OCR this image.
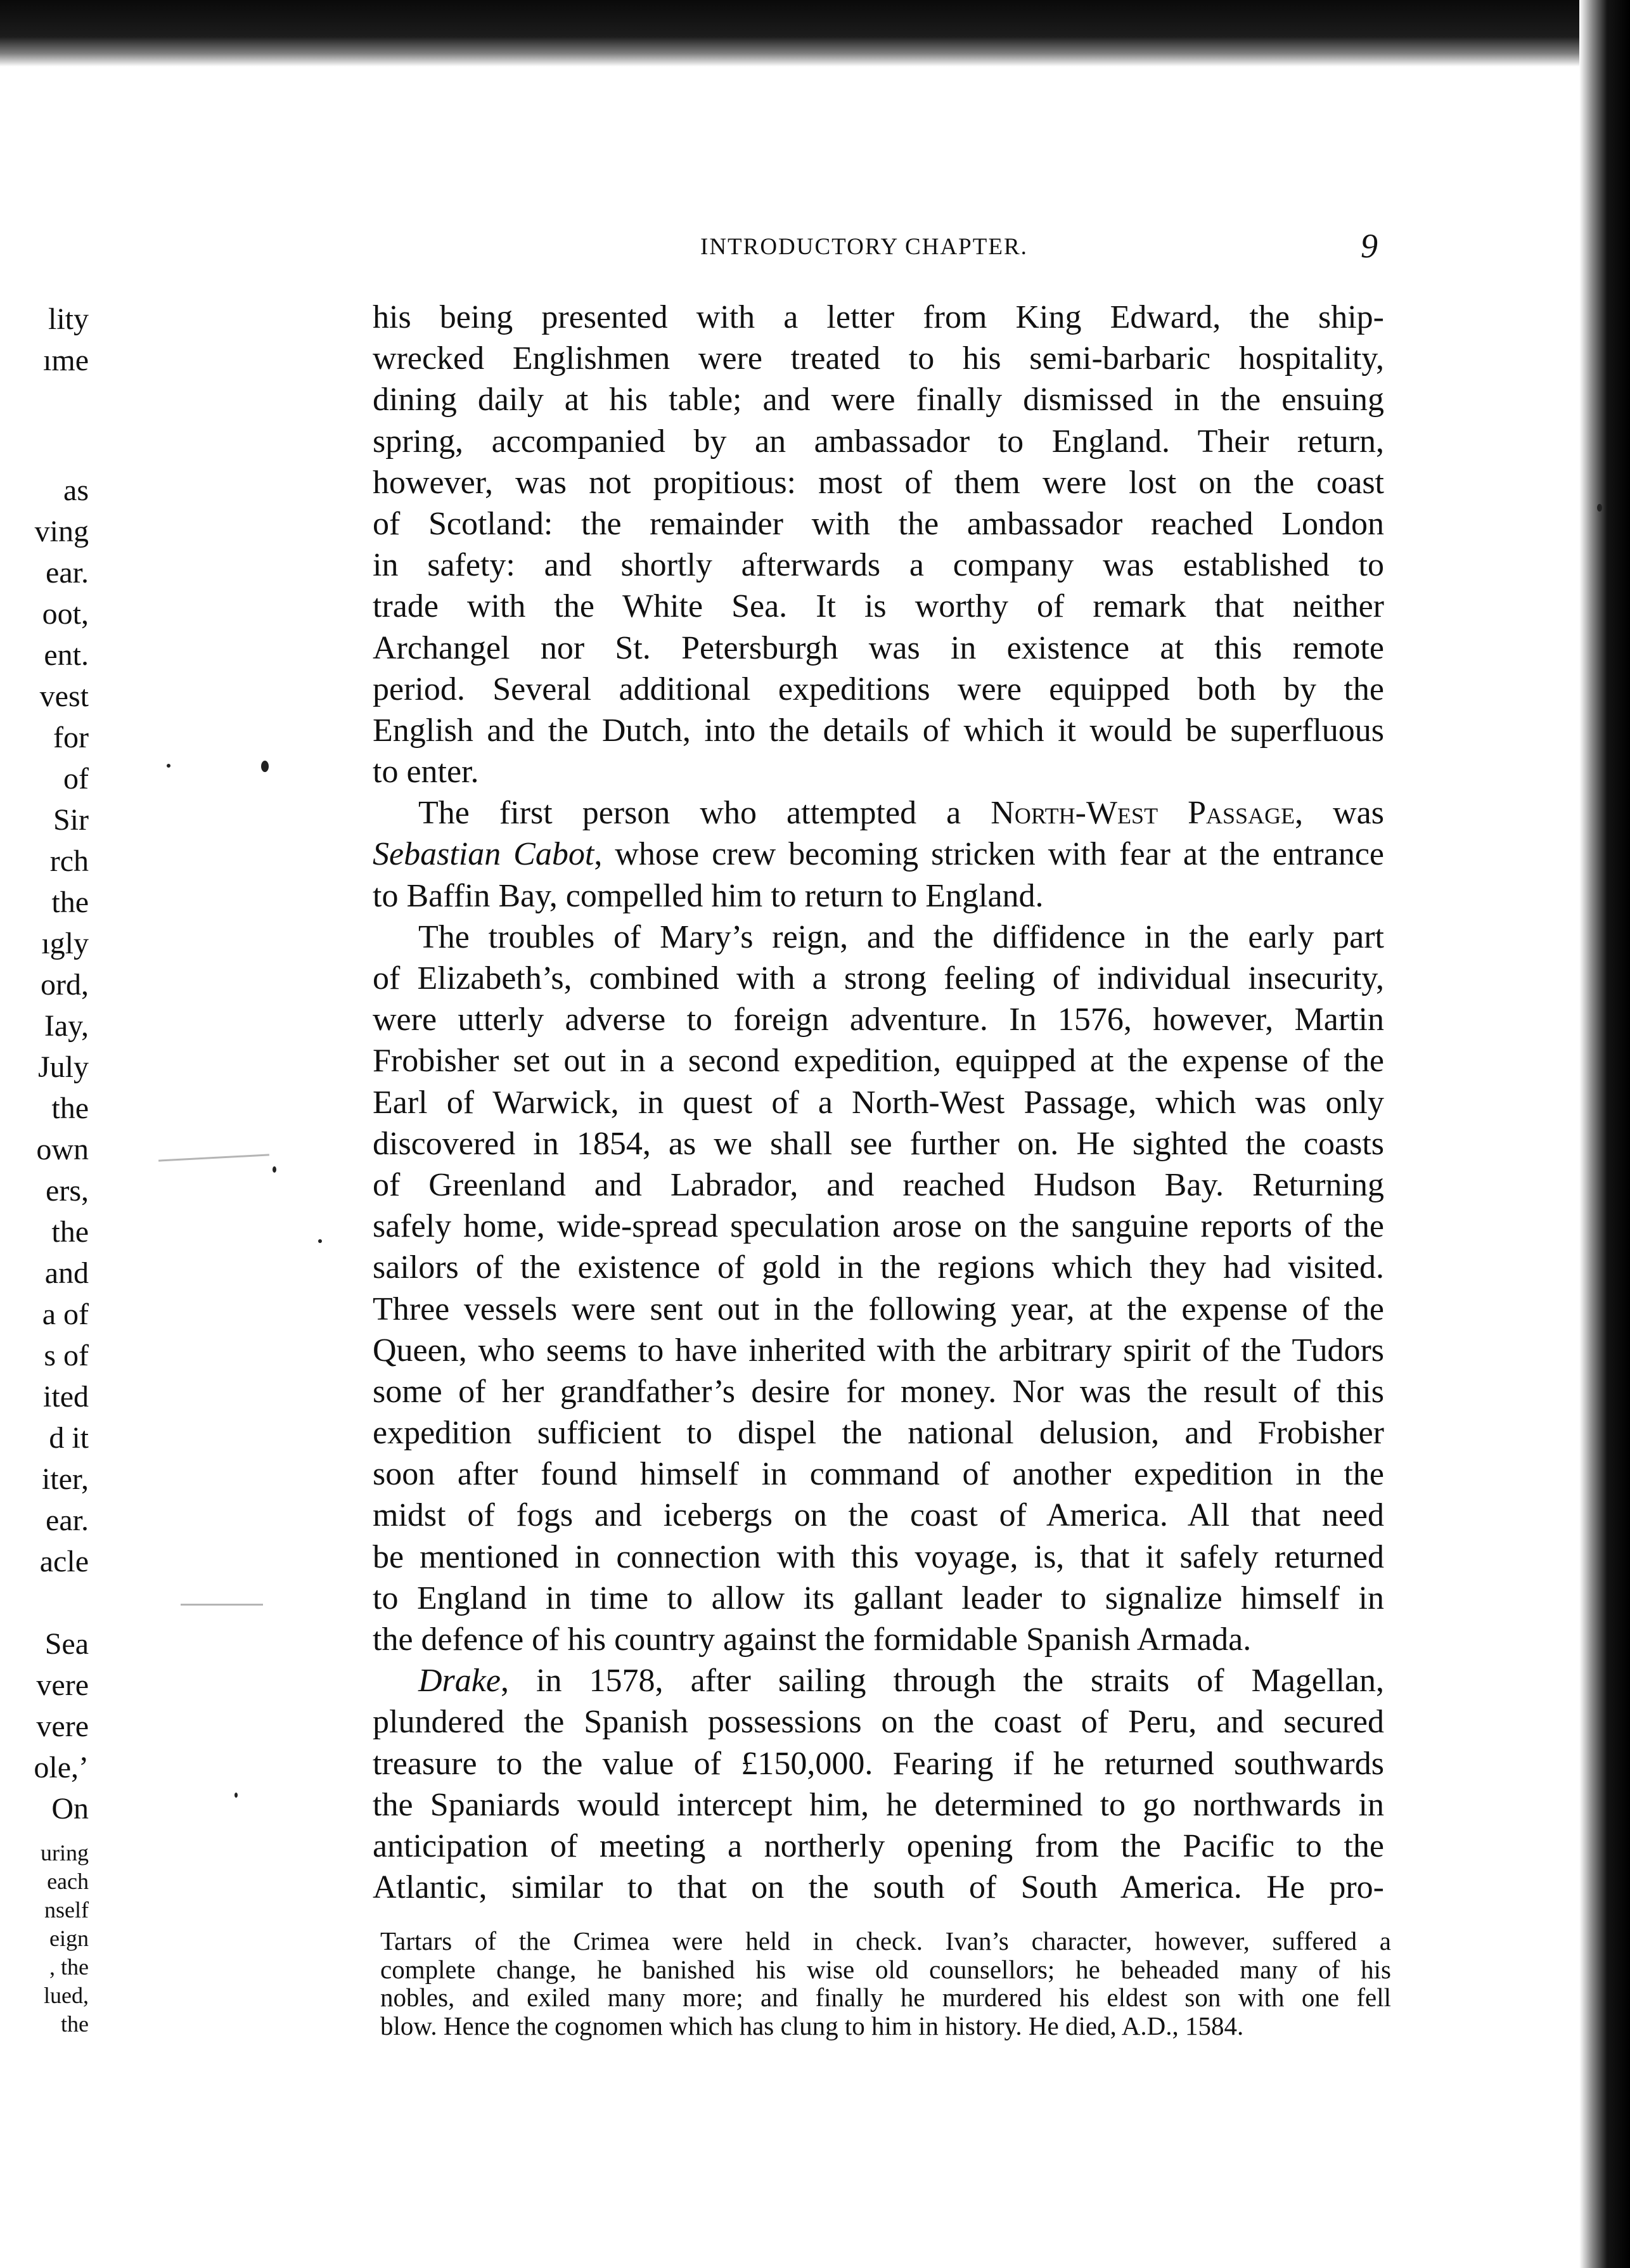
lity
ıme
as
ving
ear.
oot,
ent.
vest
for
of
Sir
rch
the
ıgly
ord,
Iay,
July
the
own
ers,
the
and
a of
s of
ited
d it
iter,
ear.
acle
Sea
vere
vere
ole,’
On
uring
each
nself
eign
, the
lued,
the
INTRODUCTORY CHAPTER.	9
his being presented with a letter from King Edward, the ship-
wrecked Englishmen were treated to his semi-barbaric hospitality,
dining daily at his table; and were finally dismissed in the ensuing
spring, accompanied by an ambassador to England. Their return,
however, was not propitious: most of them were lost on the coast
of Scotland: the remainder with the ambassador reached London
in safety: and shortly afterwards a company was established to
trade with the White Sea. It is worthy of remark that neither
Archangel nor St. Petersburgh was in existence at this remote
period. Several additional expeditions were equipped both by the
English and the Dutch, into the details of which it would be superfluous
to enter.
The first person who attempted a North-West Passage, was
Sebastian Cabot, whose crew becoming stricken with fear at the entrance
to Baffin Bay, compelled him to return to England.
The troubles of Mary’s reign, and the diffidence in the early part
of Elizabeth’s, combined with a strong feeling of individual insecurity,
were utterly adverse to foreign adventure. In 1576, however, Martin
Frobisher set out in a second expedition, equipped at the expense of the
Earl of Warwick, in quest of a North-West Passage, which was only
discovered in 1854, as we shall see further on. He sighted the coasts
of Greenland and Labrador, and reached Hudson Bay. Returning
safely home, wide-spread speculation arose on the sanguine reports of the
sailors of the existence of gold in the regions which they had visited.
Three vessels were sent out in the following year, at the expense of the
Queen, who seems to have inherited with the arbitrary spirit of the Tudors
some of her grandfather’s desire for money. Nor was the result of this
expedition sufficient to dispel the national delusion, and Frobisher
soon after found himself in command of another expedition in the
midst of fogs and icebergs on the coast of America. All that need
be mentioned in connection with this voyage, is, that it safely returned
to England in time to allow its gallant leader to signalize himself in
the defence of his country against the formidable Spanish Armada.
Drake, in 1578, after sailing through the straits of Magellan,
plundered the Spanish possessions on the coast of Peru, and secured
treasure to the value of £150,000. Fearing if he returned southwards
the Spaniards would intercept him, he determined to go northwards in
anticipation of meeting a northerly opening from the Pacific to the
Atlantic, similar to that on the south of South America. He pro-
Tartars of the Crimea were held in check. Ivan’s character, however, suffered a
complete change, he banished his wise old counsellors; he beheaded many of his
nobles, and exiled many more; and finally he murdered his eldest son with one fell
blow. Hence the cognomen which has clung to him in history. He died, A.D., 1584.
